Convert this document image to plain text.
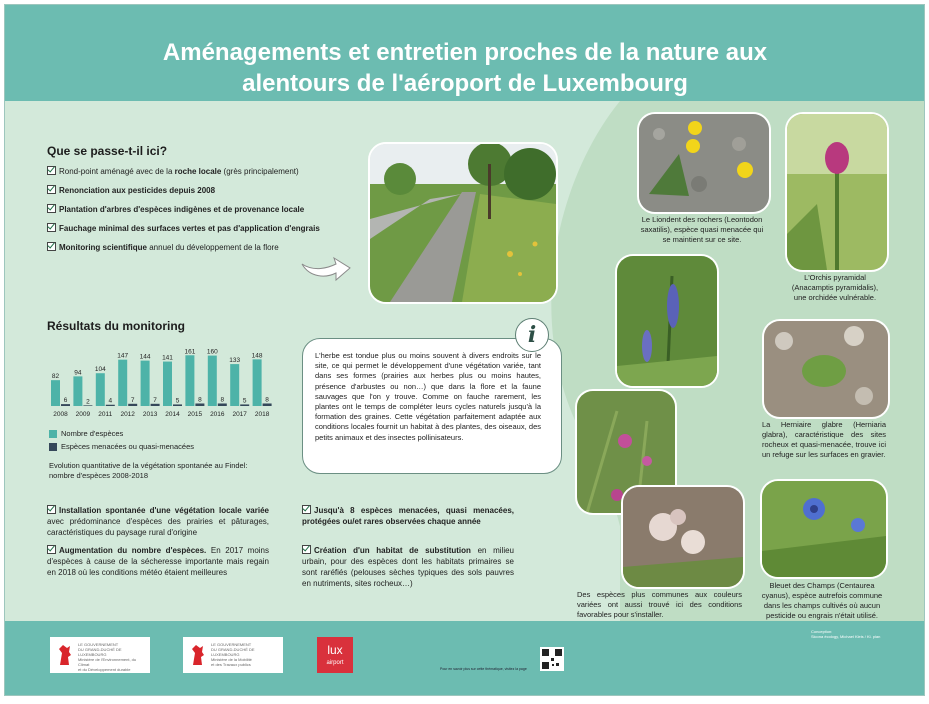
Aménagements et entretien proches de la nature aux
alentours de l'aéroport de Luxembourg
Que se passe-t-il ici?
Rond-point aménagé avec de la roche locale (grès principalement)
Renonciation aux pesticides depuis 2008
Plantation d'arbres d'espèces indigènes et de provenance locale
Fauchage minimal des surfaces vertes et pas d'application d'engrais
Monitoring scientifique annuel du développement de la flore
Résultats du monitoring
82
6
2008
94
2
2009
104
4
2011
147
7
2012
144
7
2013
141
5
2014
161
8
2015
160
8
2016
133
5
2017
148
8
2018
Nombre d'espèces
Espèces menacées ou quasi-menacées
Evolution quantitative de la végétation spontanée au Findel:
nombre d'espèces 2008-2018
i
L'herbe est tondue plus ou moins souvent à divers endroits sur le site, ce qui permet le développement d'une végétation variée, tant dans ses formes (prairies aux herbes plus ou moins hautes, présence d'arbustes ou non…) que dans la flore et la faune sauvages que l'on y trouve. Comme on fauche rarement, les plantes ont le temps de compléter leurs cycles naturels jusqu'à la formation des graines. Cette végétation parfaitement adaptée aux conditions locales fournit un habitat à des plantes, des oiseaux, des petits animaux et des insectes pollinisateurs.
Installation spontanée d'une végétation locale variée avec prédominance d'espèces des prairies et pâturages, caractéristiques du paysage rural d'origine
Augmentation du nombre d'espèces. En 2017 moins d'espèces à cause de la sécheresse importante mais regain en 2018 où les conditions météo étaient meilleures
Jusqu'à 8 espèces menacées, quasi menacées, protégées ou/et rares observées chaque année
Création d'un habitat de substitution en milieu urbain, pour des espèces dont les habitats primaires se sont raréfiés (pelouses sèches typiques des sols pauvres en nutriments, sites rocheux…)
Le Liondent des rochers (Leontodon saxatilis), espèce quasi menacée qui se maintient sur ce site.
L'Orchis pyramidal (Anacamptis pyramidalis), une orchidée vulnérable.
La Herniaire glabre (Herniaria glabra), caractéristique des sites rocheux et quasi-menacée, trouve ici un refuge sur les surfaces en gravier.
Des espèces plus communes aux couleurs variées ont aussi trouvé ici des conditions favorables pour s'installer.
Bleuet des Champs (Centaurea cyanus), espèce autrefois commune dans les champs cultivés où aucun pesticide ou engrais n'était utilisé.
LE GOUVERNEMENT
DU GRAND-DUCHÉ DE LUXEMBOURG
Ministère de l'Environnement, du Climat
et du Développement durable
LE GOUVERNEMENT
DU GRAND-DUCHÉ DE LUXEMBOURG
Ministère de la Mobilité
et des Travaux publics
lux
airport
Pour en savoir plus sur cette thématique, visitez la page
Conception:
Sicona écology, Michael Kleis / Kl. pian
